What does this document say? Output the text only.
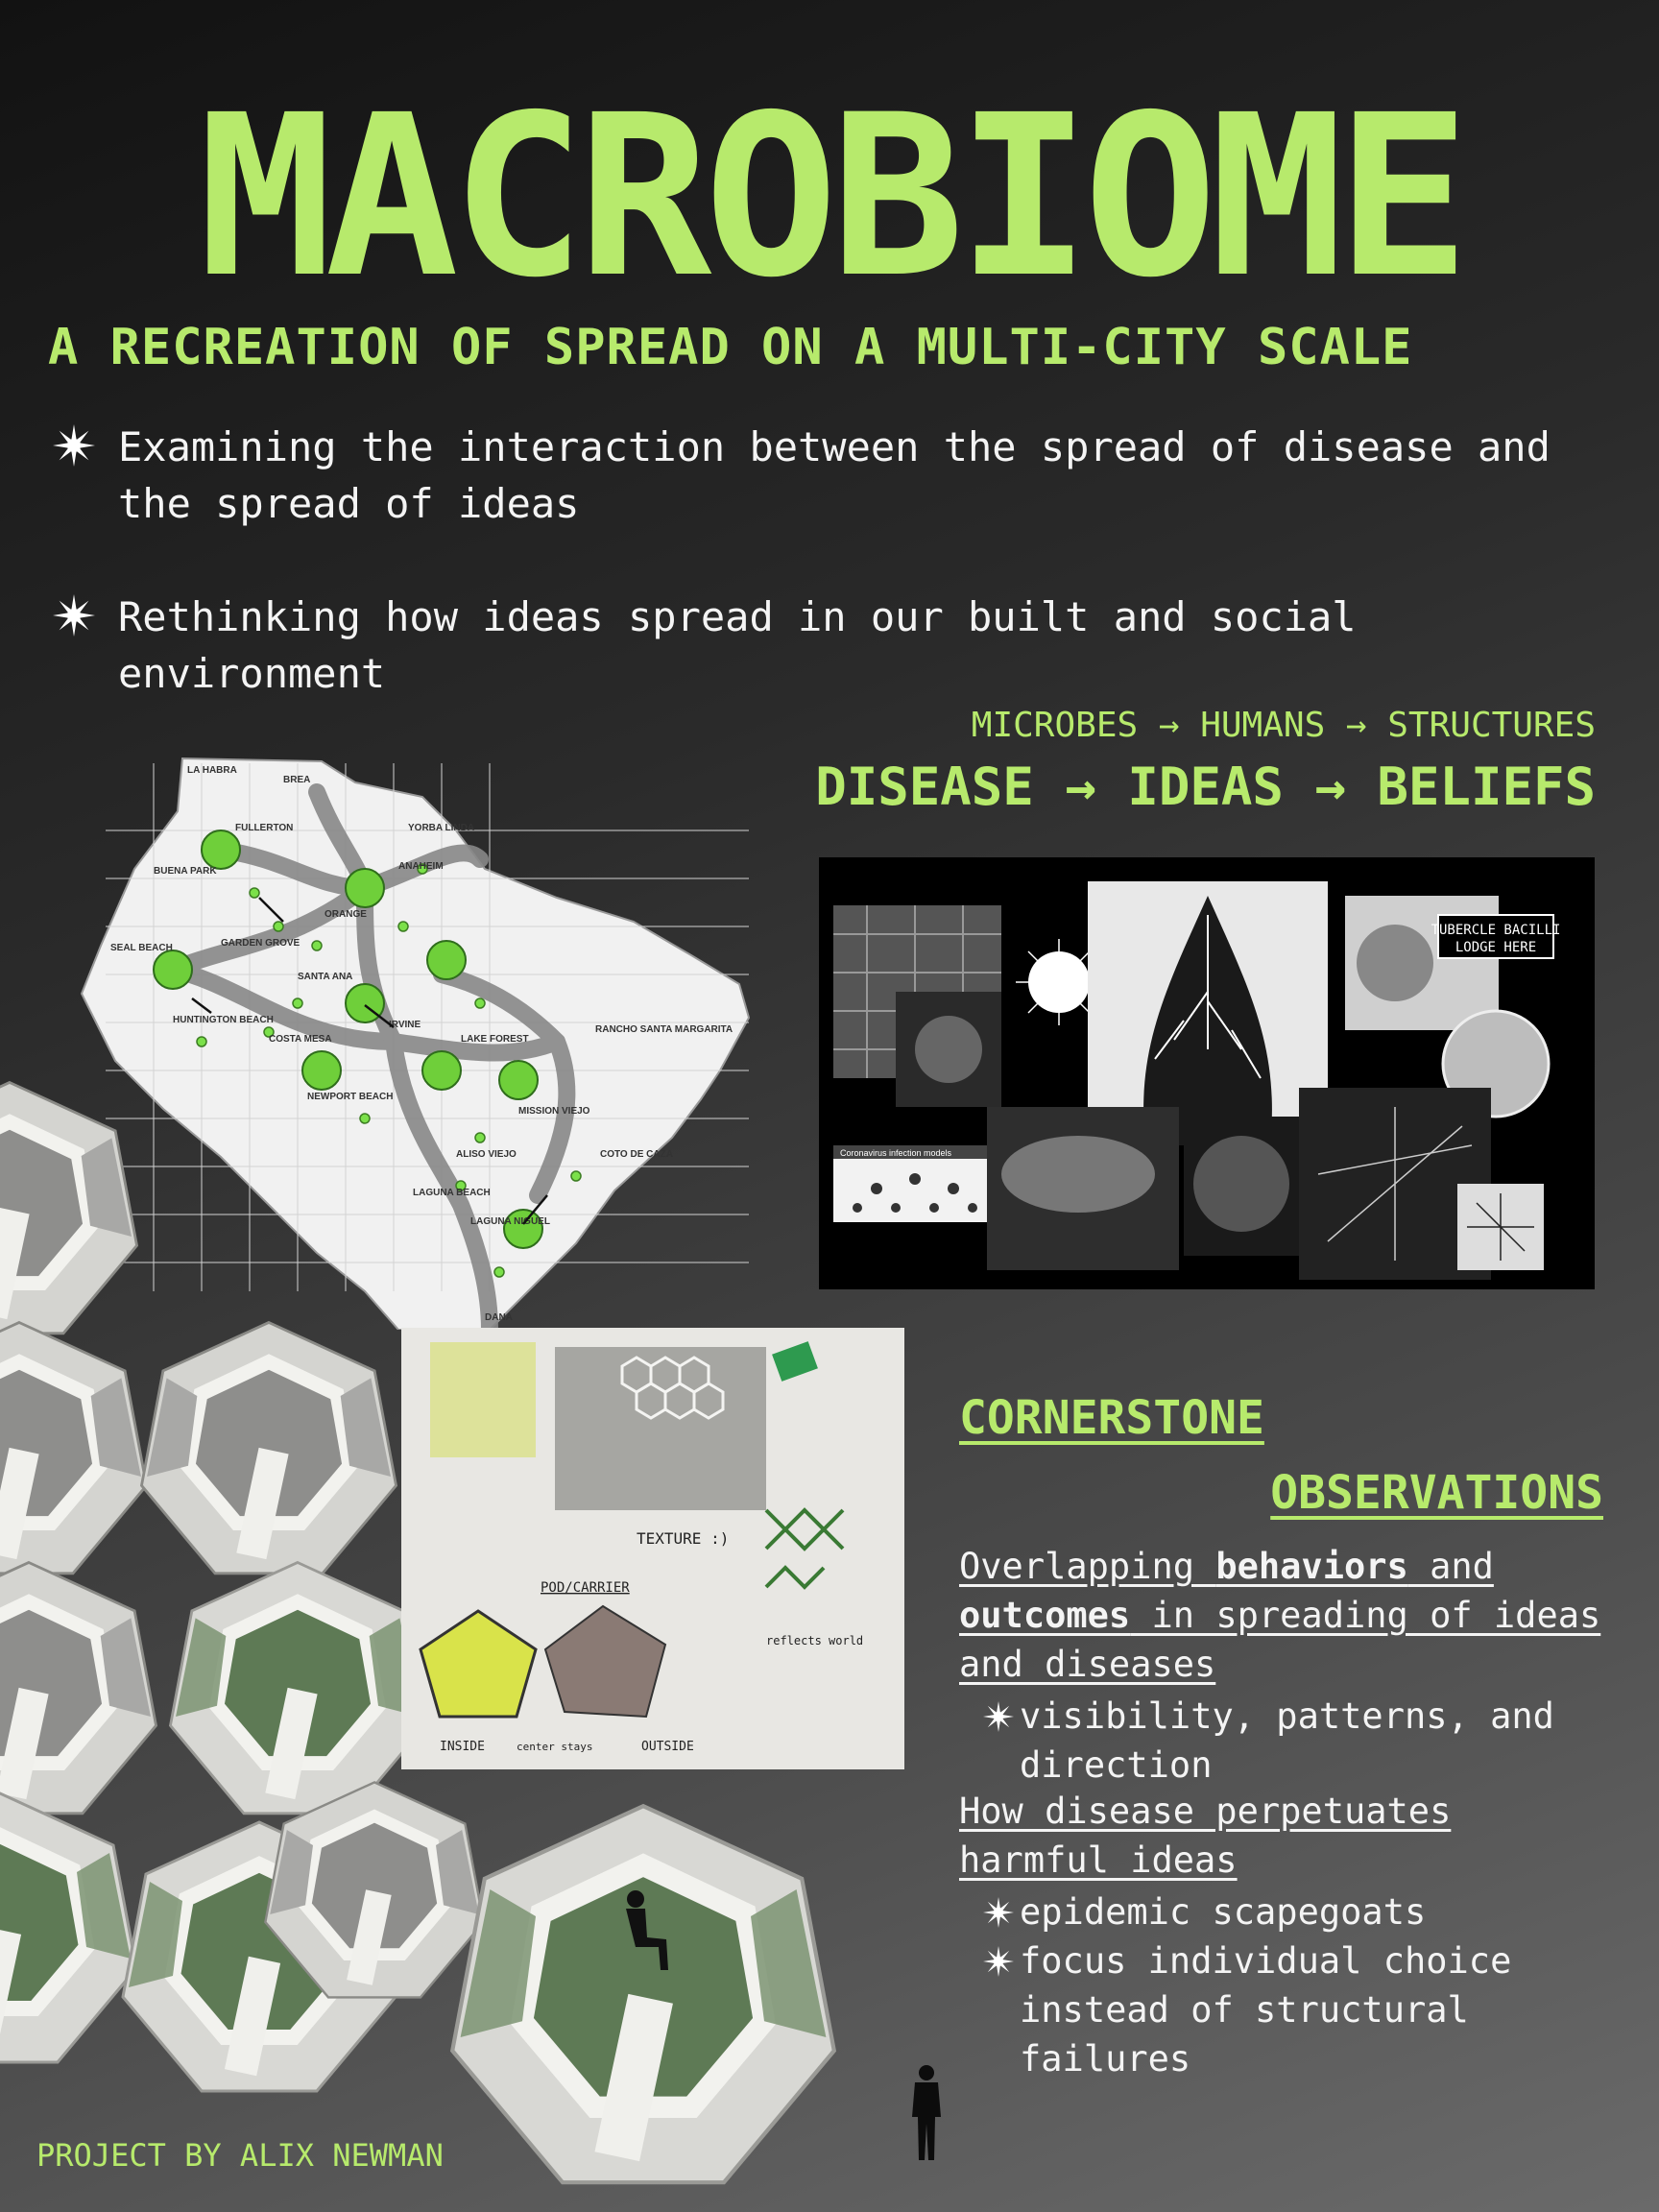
MACROBIOME
A RECREATION OF SPREAD ON A MULTI-CITY SCALE
Examining the interaction between the spread of disease and the spread of ideas
Rethinking how ideas spread in our built and social environment
MICROBES → HUMANS → STRUCTURES
DISEASE → IDEAS → BELIEFS
LA HABRA
BREA
FULLERTON	YORBA LINDA
BUENA PARK	ANAHEIM
ORANGE
GARDEN GROVE
SEAL BEACH
SANTA ANA
HUNTINGTON BEACH
COSTA MESA
IRVINE
LAKE FOREST
RANCHO SANTA MARGARITA
NEWPORT BEACH
MISSION VIEJO
ALISO VIEJO	COTO DE CAZA
LAGUNA BEACH
LAGUNA NIGUEL
DANA
TUBERCLE BACILLI
LODGE HERE
Coronavirus infection models
TEXTURE :)
POD/CARRIER
reflects world
INSIDE	center stays	OUTSIDE
CORNERSTONE
OBSERVATIONS
Overlapping behaviors and outcomes in spreading of ideas and diseases
visibility, patterns, and direction
How disease perpetuates harmful ideas
epidemic scapegoats
focus individual choice instead of structural failures
PROJECT BY ALIX NEWMAN
